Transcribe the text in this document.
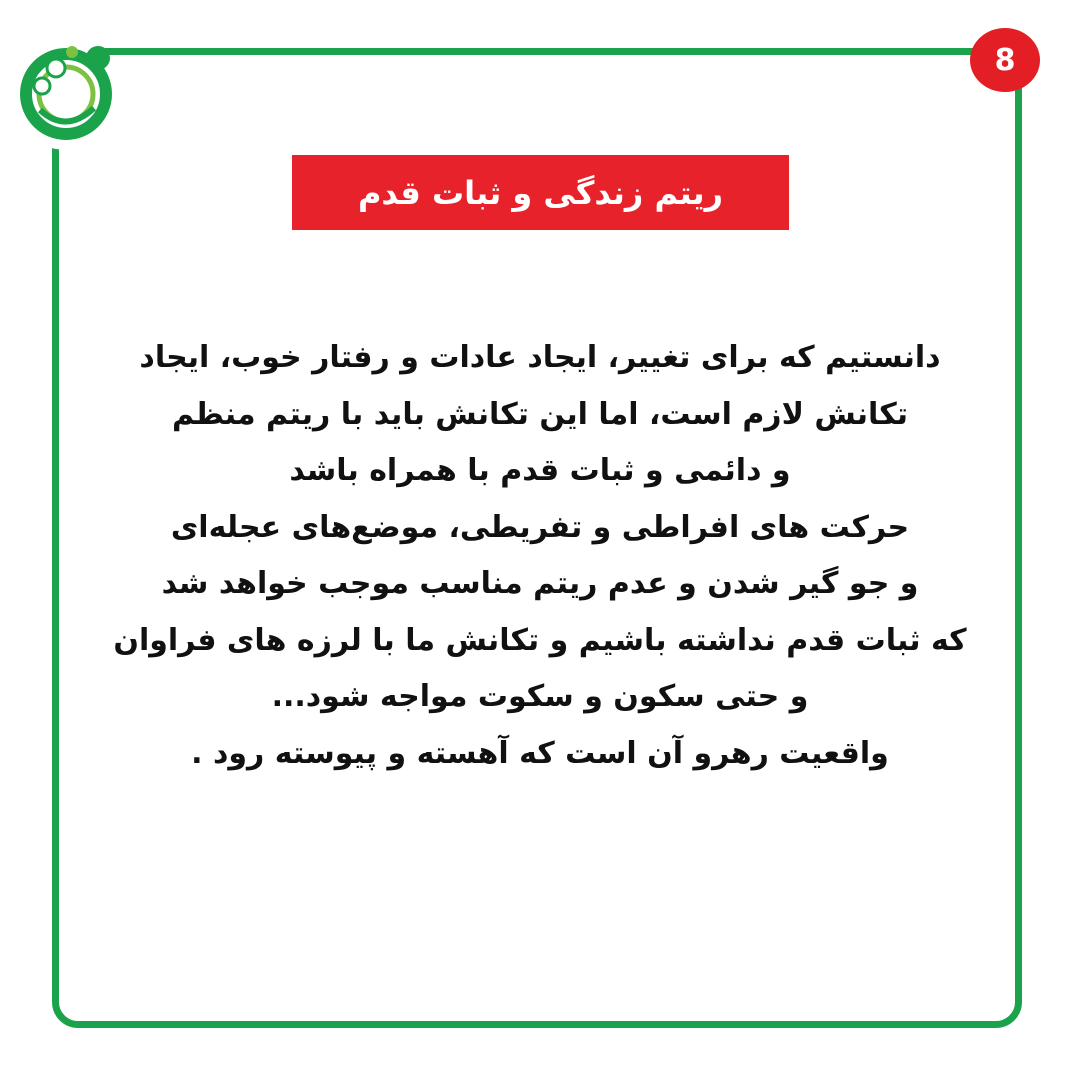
8
ریتم زندگی و ثبات قدم
دانستیم که برای تغییر، ایجاد عادات و رفتار خوب، ایجاد
تکانش لازم است، اما این تکانش باید با ریتم منظم
و دائمی و ثبات قدم با همراه باشد
حرکت های افراطی و تفریطی، موضع‌های عجله‌ای
و جو گیر شدن و عدم ریتم مناسب موجب خواهد شد
که ثبات قدم نداشته باشیم و تکانش ما با لرزه های فراوان
و حتی سکون و سکوت مواجه شود...
واقعیت رهرو آن است که آهسته و پیوسته رود .
